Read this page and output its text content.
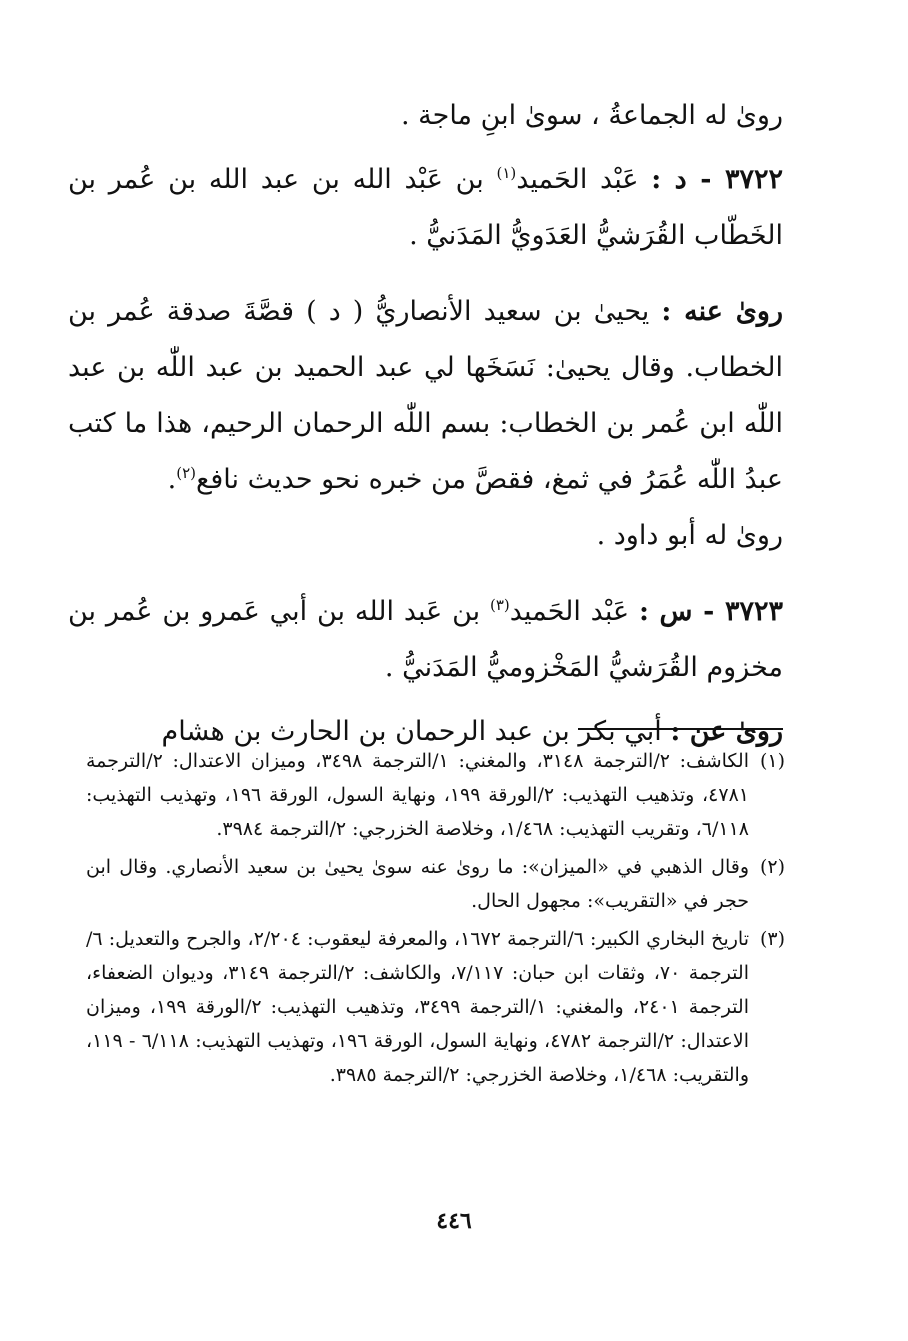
روىٰ له الجماعةُ ، سوىٰ ابنِ ماجة .

٣٧٢٢ - د : عَبْد الحَميد$^{(١)}$ بن عَبْد الله بن عبد الله بن عُمر بن الخَطّاب القُرَشيُّ العَدَويُّ المَدَنيُّ .

روىٰ عنه : يحيىٰ بن سعيد الأنصاريُّ ( د ) قصَّةَ صدقة عُمر بن الخطاب. وقال يحيىٰ: نَسَخَها لي عبد الحميد بن عبد اللّٰه بن عبد اللّٰه ابن عُمر بن الخطاب: بسم اللّٰه الرحمان الرحيم، هذا ما كتب عبدُ اللّٰه عُمَرُ في ثمغ، فقصَّ من خبره نحو حديث نافع$^{(٢)}$.

روىٰ له أبو داود .

٣٧٢٣ - س : عَبْد الحَميد$^{(٣)}$ بن عَبد الله بن أبي عَمرو بن عُمر بن مخزوم القُرَشيُّ المَخْزوميُّ المَدَنيُّ .

روىٰ عن : أبي بكر بن عبد الرحمان بن الحارث بن هشام

(١)
الكاشف: ٢/الترجمة ٣١٤٨، والمغني: ١/الترجمة ٣٤٩٨، وميزان الاعتدال: ٢/الترجمة ٤٧٨١، وتذهيب التهذيب: ٢/الورقة ١٩٩، ونهاية السول، الورقة ١٩٦، وتهذيب التهذيب: ٦/١١٨، وتقريب التهذيب: ١/٤٦٨، وخلاصة الخزرجي: ٢/الترجمة ٣٩٨٤.

(٢)
وقال الذهبي في «الميزان»: ما روىٰ عنه سوىٰ يحيىٰ بن سعيد الأنصاري. وقال ابن حجر في «التقريب»: مجهول الحال.

(٣)
تاريخ البخاري الكبير: ٦/الترجمة ١٦٧٢، والمعرفة ليعقوب: ٢/٢٠٤، والجرح والتعديل: ٦/الترجمة ٧٠، وثقات ابن حبان: ٧/١١٧، والكاشف: ٢/الترجمة ٣١٤٩، وديوان الضعفاء، الترجمة ٢٤٠١، والمغني: ١/الترجمة ٣٤٩٩، وتذهيب التهذيب: ٢/الورقة ١٩٩، وميزان الاعتدال: ٢/الترجمة ٤٧٨٢، ونهاية السول، الورقة ١٩٦، وتهذيب التهذيب: ٦/١١٨ - ١١٩، والتقريب: ١/٤٦٨، وخلاصة الخزرجي: ٢/الترجمة ٣٩٨٥.

٤٤٦
